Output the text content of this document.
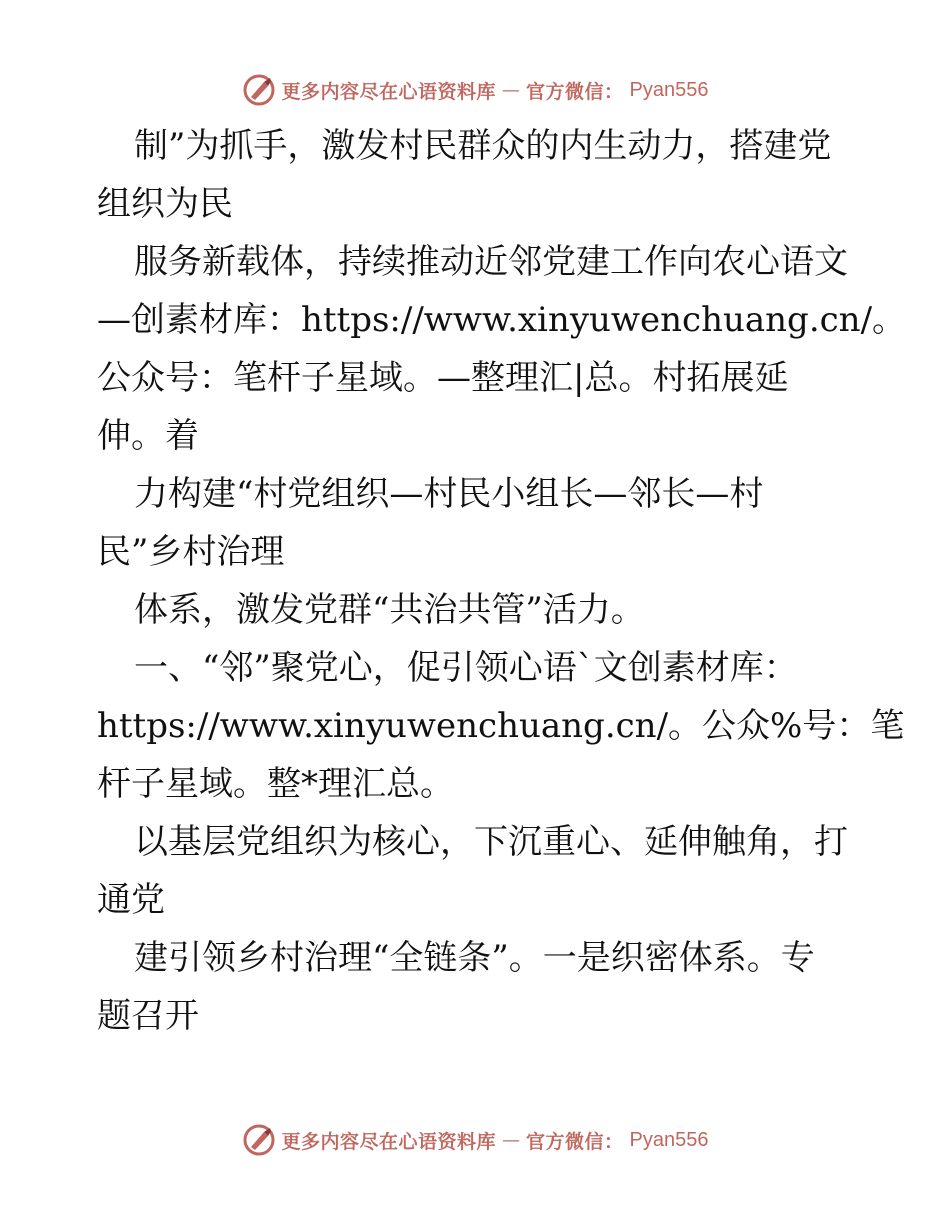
更多内容尽在心语资料库 — 官方微信： Pyan556

制”为抓手，激发村民群众的内生动力，搭建党

组织为民

服务新载体，持续推动近邻党建工作向农心语文

—创素材库：https://www.xinyuwenchuang.cn/。

公众号：笔杆子星域。—整理汇|总。村拓展延

伸。着

力构建“村党组织—村民小组长—邻长—村

民”乡村治理

体系，激发党群“共治共管”活力。

一、“邻”聚党心，促引领心语`文创素材库：

https://www.xinyuwenchuang.cn/。公众%号：笔

杆子星域。整*理汇总。

以基层党组织为核心，下沉重心、延伸触角，打

通党

建引领乡村治理“全链条”。一是织密体系。专

题召开

更多内容尽在心语资料库 — 官方微信： Pyan556
